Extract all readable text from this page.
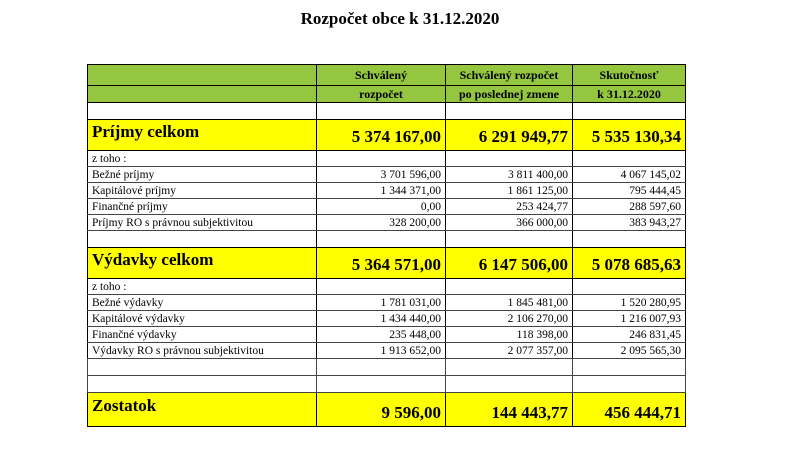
Rozpočet obce k 31.12.2020
	Schválený	Schválený rozpočet	Skutočnosť
	rozpočet	po poslednej zmene	k 31.12.2020

Príjmy celkom	5 374 167,00	6 291 949,77	5 535 130,34
z toho :			
Bežné príjmy	3 701 596,00	3 811 400,00	4 067 145,02
Kapitálové príjmy	1 344 371,00	1 861 125,00	795 444,45
Finančné príjmy	0,00	253 424,77	288 597,60
Príjmy RO s právnou subjektivitou	328 200,00	366 000,00	383 943,27

Výdavky celkom	5 364 571,00	6 147 506,00	5 078 685,63
z toho :			
Bežné výdavky	1 781 031,00	1 845 481,00	1 520 280,95
Kapitálové výdavky	1 434 440,00	2 106 270,00	1 216 007,93
Finančné výdavky	235 448,00	118 398,00	246 831,45
Výdavky RO s právnou subjektivitou	1 913 652,00	2 077 357,00	2 095 565,30

Zostatok	9 596,00	144 443,77	456 444,71
